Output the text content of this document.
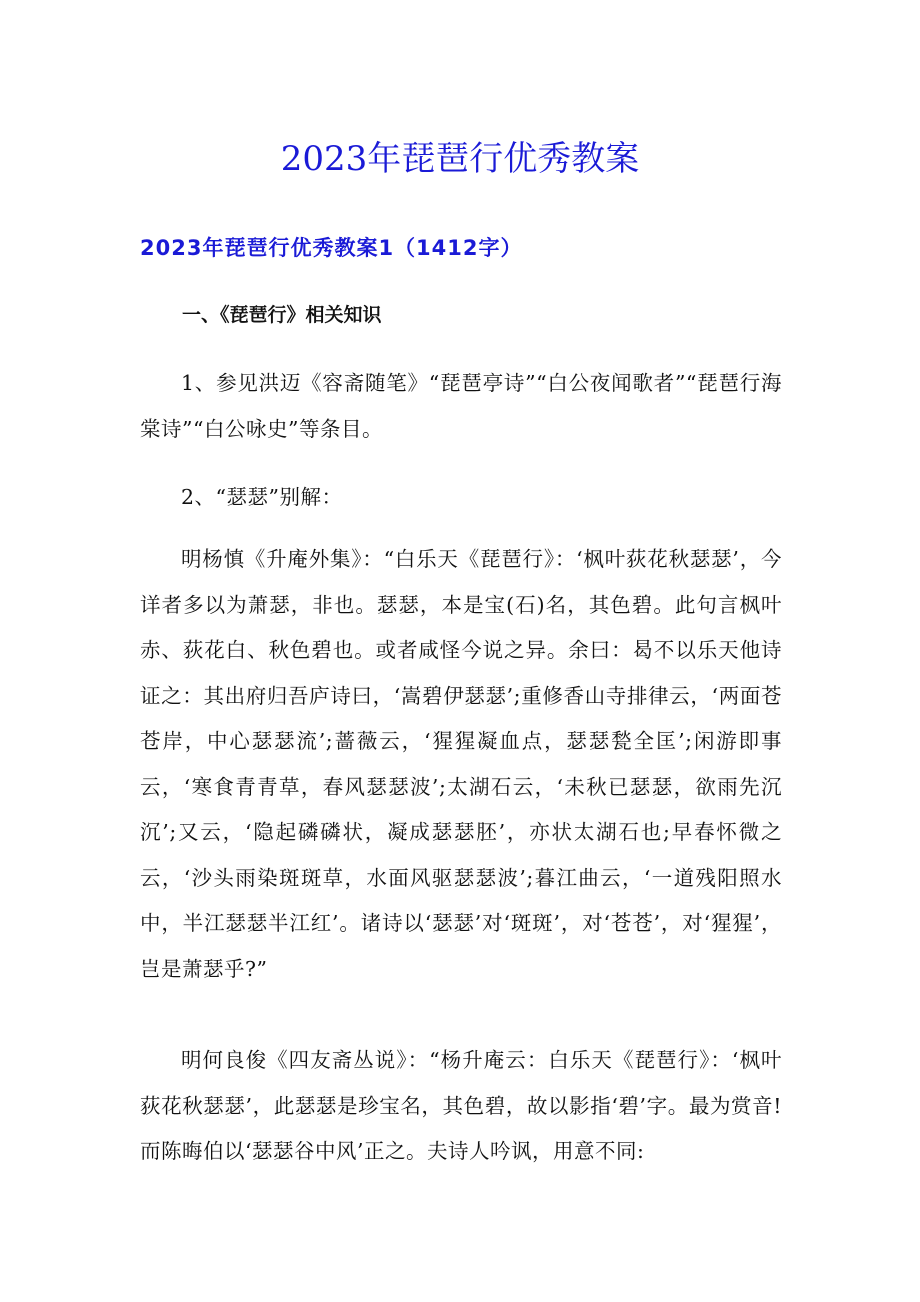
2023年琵琶行优秀教案
2023年琵琶行优秀教案1（1412字）
一、《琵琶行》相关知识

1、参见洪迈《容斋随笔》“琵琶亭诗”“白公夜闻歌者”“琵琶行海棠诗”“白公咏史”等条目。

2、“瑟瑟”别解：

明杨慎《升庵外集》：“白乐天《琵琶行》：‘枫叶荻花秋瑟瑟’，今详者多以为萧瑟，非也。瑟瑟，本是宝(石)名，其色碧。此句言枫叶赤、荻花白、秋色碧也。或者咸怪今说之异。余曰：曷不以乐天他诗证之：其出府归吾庐诗曰，‘嵩碧伊瑟瑟’;重修香山寺排律云，‘两面苍苍岸，中心瑟瑟流’;蔷薇云，‘猩猩凝血点，瑟瑟甃全匡’;闲游即事云，‘寒食青青草，春风瑟瑟波’;太湖石云，‘未秋已瑟瑟，欲雨先沉沉’;又云，‘隐起磷磷状，凝成瑟瑟胚’，亦状太湖石也;早春怀微之云，‘沙头雨染斑斑草，水面风驱瑟瑟波’;暮江曲云，‘一道残阳照水中，半江瑟瑟半江红’。诸诗以‘瑟瑟’对‘斑斑’，对‘苍苍’，对‘猩猩’，岂是萧瑟乎?”

明何良俊《四友斋丛说》：“杨升庵云：白乐天《琵琶行》：‘枫叶荻花秋瑟瑟’，此瑟瑟是珍宝名，其色碧，故以影指‘碧’字。最为赏音!而陈晦伯以‘瑟瑟谷中风’正之。夫诗人吟讽，用意不同:
